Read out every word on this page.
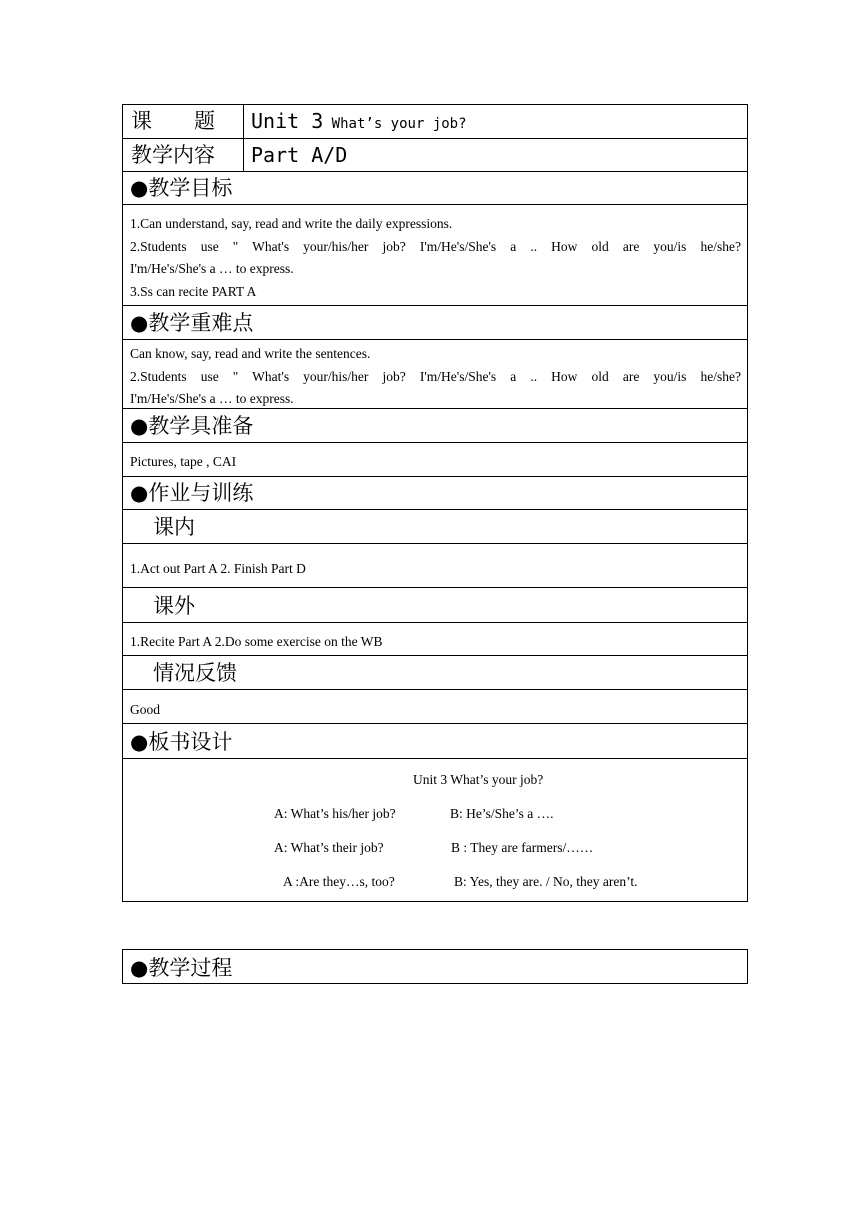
课　　题	Unit 3 What’s your job?
教学内容	Part A/D
●教学目标
1.Can understand, say, read and write the daily expressions.
2.Students use " What's your/his/her job? I'm/He's/She's a .. How old are you/is he/she?
I'm/He's/She's a … to express.
3.Ss can recite PART A
●教学重难点
Can know, say, read and write the sentences.
2.Students use " What's your/his/her job? I'm/He's/She's a .. How old are you/is he/she?
I'm/He's/She's a … to express.
●教学具准备
Pictures, tape , CAI
●作业与训练
课内
1.Act out Part A 2. Finish Part D
课外
1.Recite Part A 2.Do some exercise on the WB
情况反馈
Good
●板书设计
Unit 3 What’s your job?
A: What’s his/her job?	B: He’s/She’s a ….
A: What’s their job?	B : They are farmers/……
A :Are they…s, too?	B: Yes, they are. / No, they aren’t.
●教学过程
